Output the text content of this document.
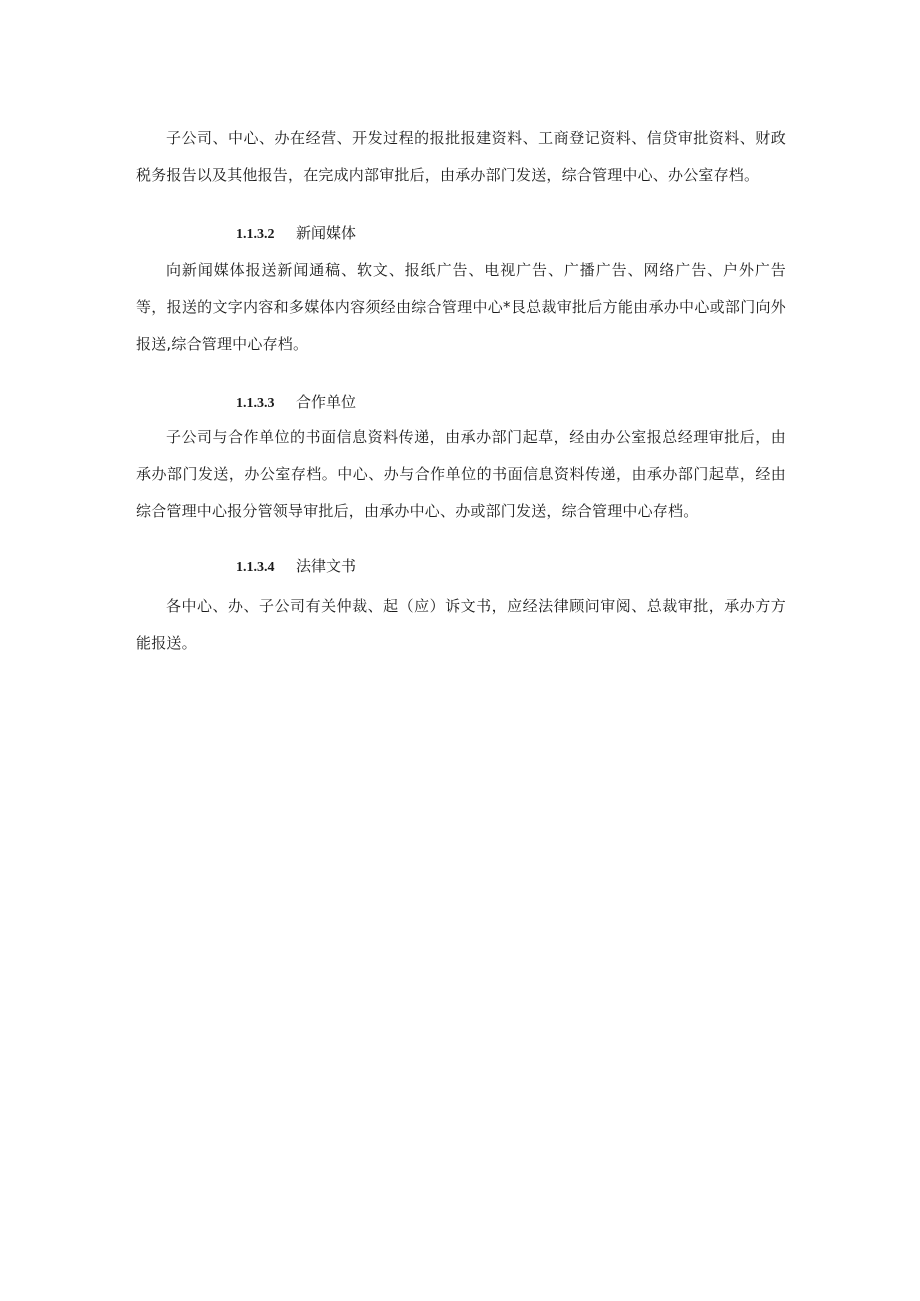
子公司、中心、办在经营、开发过程的报批报建资料、工商登记资料、信贷审批资料、财政税务报告以及其他报告，在完成内部审批后，由承办部门发送，综合管理中心、办公室存档。

1.1.3.2 新闻媒体

向新闻媒体报送新闻通稿、软文、报纸广告、电视广告、广播广告、网络广告、户外广告等，报送的文字内容和多媒体内容须经由综合管理中心*艮总裁审批后方能由承办中心或部门向外报送,综合管理中心存档。

1.1.3.3 合作单位

子公司与合作单位的书面信息资料传递，由承办部门起草，经由办公室报总经理审批后，由承办部门发送，办公室存档。中心、办与合作单位的书面信息资料传递，由承办部门起草，经由综合管理中心报分管领导审批后，由承办中心、办或部门发送，综合管理中心存档。

1.1.3.4 法律文书

各中心、办、子公司有关仲裁、起（应）诉文书，应经法律顾问审阅、总裁审批，承办方方能报送。
